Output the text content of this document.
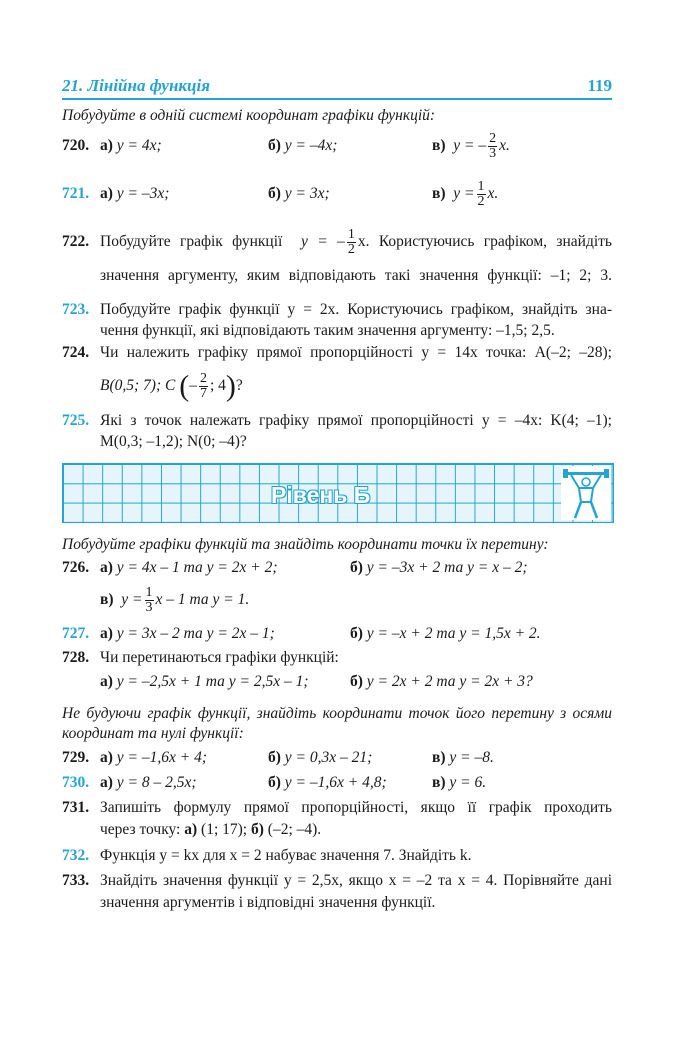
21. Лінійна функція	119
Побудуйте в одній системі координат графіки функцій:
720. а) y = 4x;	б) y = –4x;	в) y = – $\frac{2}{3} x$.
721. а) y = –3x;	б) y = 3x;	в) $y = \frac{1}{2} x$.
722. Побудуйте графік функції y = – $\frac{1}{2} x$. Користуючись графіком, знайдіть
значення аргументу, яким відповідають такі значення функції: –1; 2; 3.
723. Побудуйте графік функції y = 2x. Користуючись графіком, знайдіть зна-
чення функції, які відповідають таким значення аргументу: –1,5; 2,5.
724. Чи належить графіку прямої пропорційності y = 14x точка: A(–2; –28);
B(0,5; 7); C (– $\frac{2}{7}$ ; 4)?
725. Які з точок належать графіку прямої пропорційності y = –4x: K(4; –1);
M(0,3; –1,2); N(0; –4)?
Рівень Б
Побудуйте графіки функцій та знайдіть координати точки їх перетину:
726. а) y = 4x – 1 та y = 2x + 2;	б) y = –3x + 2 та y = x – 2;
в) $y = \frac{1}{3}$ x – 1 та y = 1.
727. а) y = 3x – 2 та y = 2x – 1;	б) y = –x + 2 та y = 1,5x + 2.
728. Чи перетинаються графіки функцій:
а) y = –2,5x + 1 та y = 2,5x – 1;	б) y = 2x + 2 та y = 2x + 3?
Не будуючи графік функції, знайдіть координати точок його перетину з осями
координат та нулі функції:
729. а) y = –1,6x + 4;	б) y = 0,3x – 21;	в) y = –8.
730. а) y = 8 – 2,5x;	б) y = –1,6x + 4,8;	в) y = 6.
731. Запишіть формулу прямої пропорційності, якщо її графік проходить
через точку: а) (1; 17); б) (–2; –4).
732. Функція y = kx для x = 2 набуває значення 7. Знайдіть k.
733. Знайдіть значення функції y = 2,5x, якщо x = –2 та x = 4. Порівняйте дані
значення аргументів і відповідні значення функції.
